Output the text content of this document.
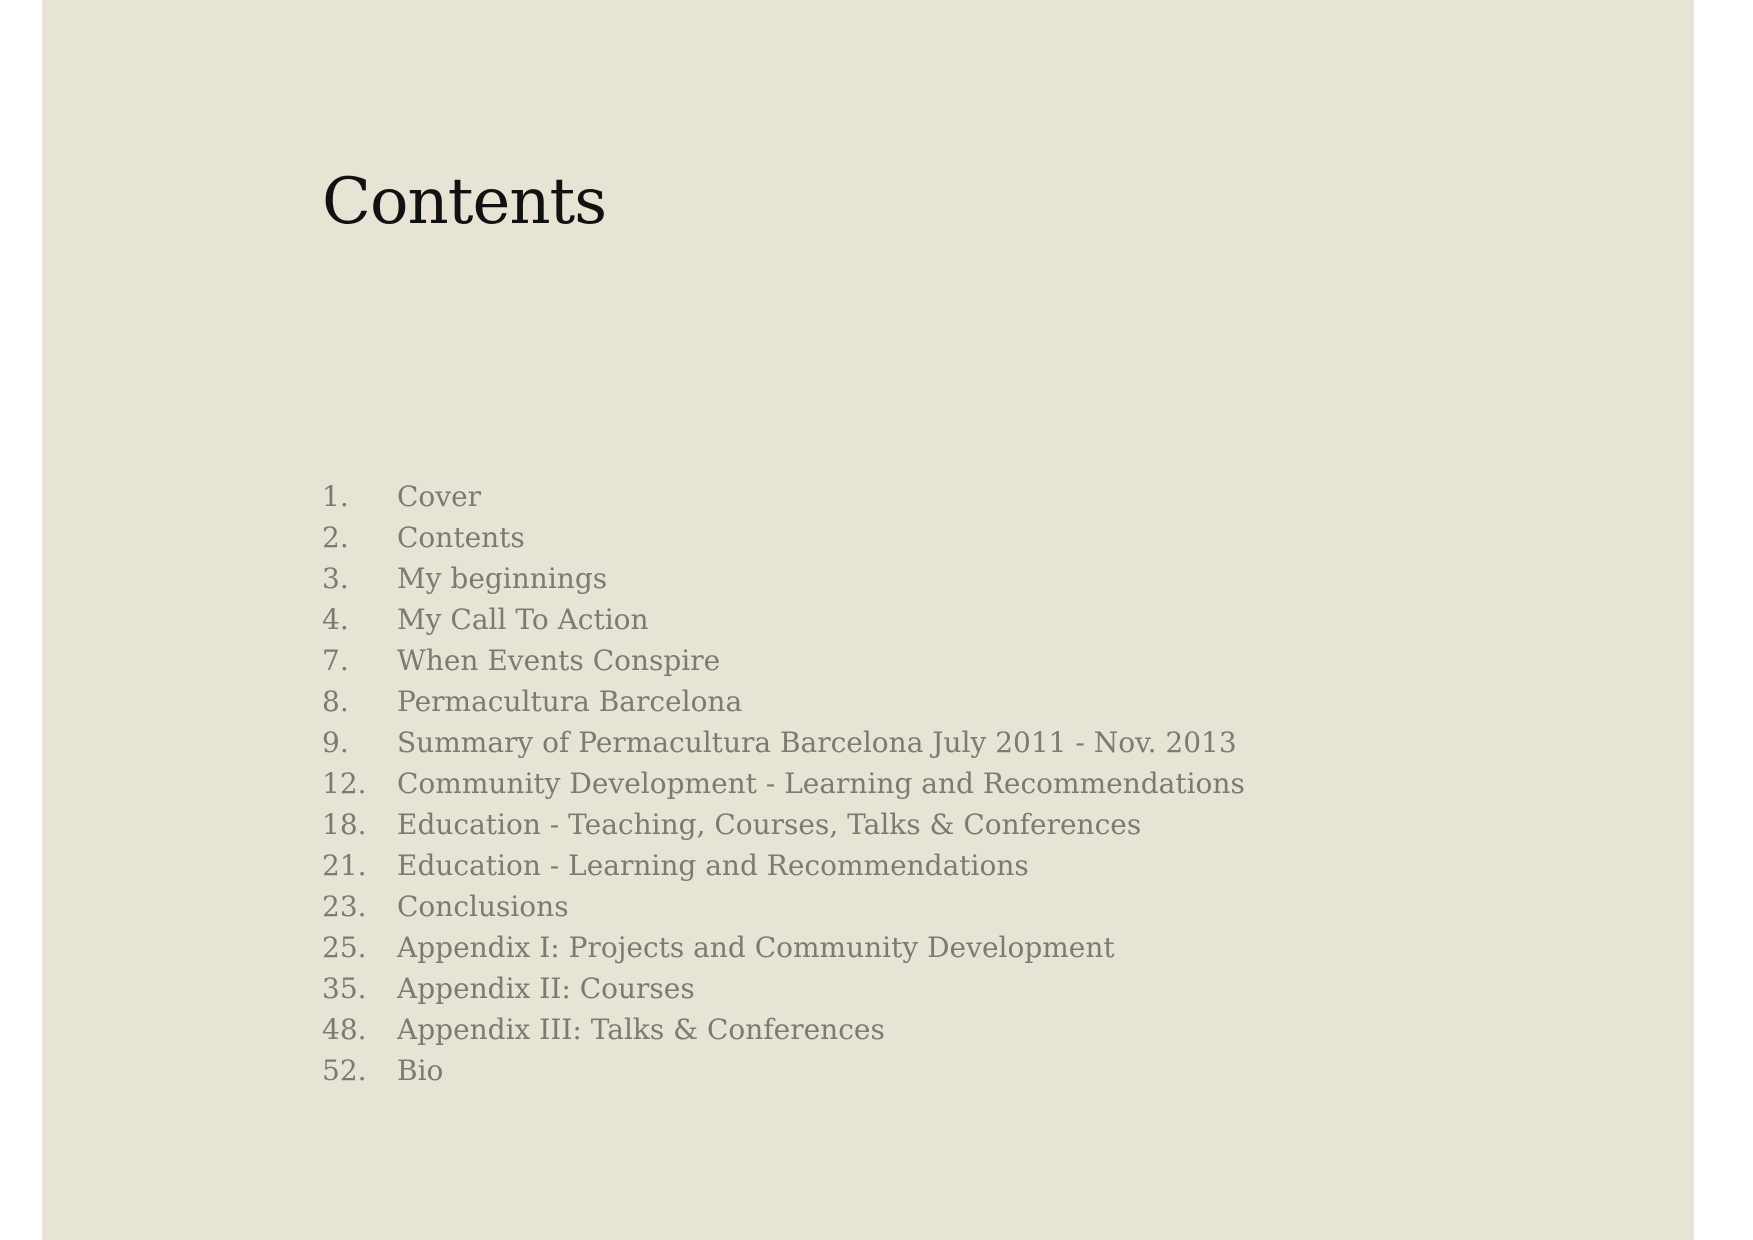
Contents
1. Cover
2. Contents
3. My beginnings
4. My Call To Action
7. When Events Conspire
8. Permacultura Barcelona
9. Summary of Permacultura Barcelona July 2011 - Nov. 2013
12. Community Development - Learning and Recommendations
18. Education - Teaching, Courses, Talks & Conferences
21. Education - Learning and Recommendations
23. Conclusions
25. Appendix I: Projects and Community Development
35. Appendix II: Courses
48. Appendix III: Talks & Conferences
52. Bio
